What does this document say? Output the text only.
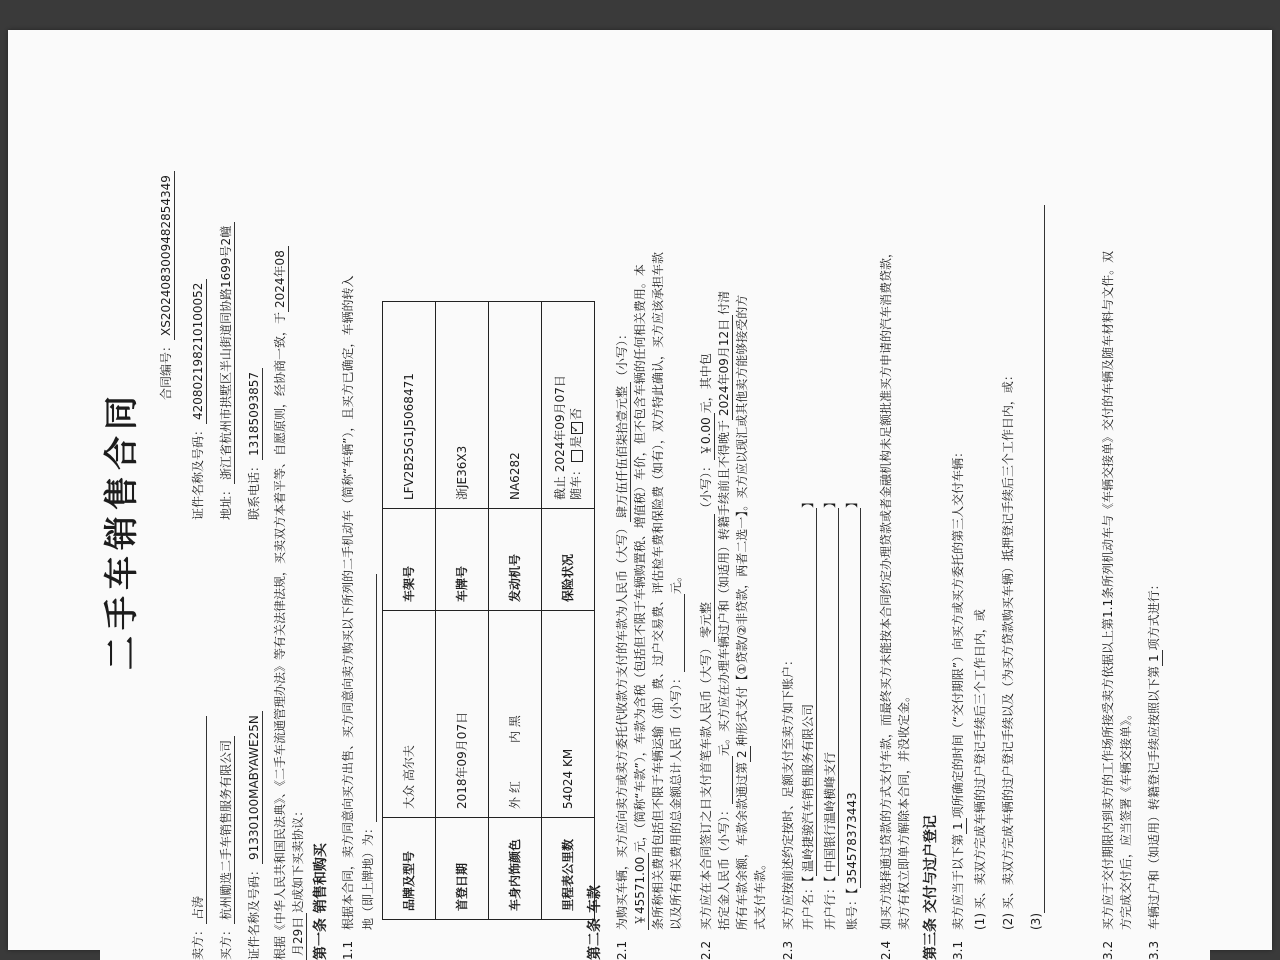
二手车销售合同
合同编号：XS202408300948285434​9
卖方：占涛
证件名称及号码：420802198210100052
买方：杭州勵选二手车销售服务有限公司
地址：浙江省杭州市拱墅区半山街道同协路1699号2幢
证件名称及号码：91330100MABYAWE25N
联系电话：13185093857 根据《中华人民共和国民法典》、《二手车流通管理办法》等有关法律法规，买卖双方本着平等、自愿原则，经协商一致，于2024年08
月29日达成如下买卖协议： 第一条 销售和购买 1.1
根据本合同，卖方同意向买方出售、买方同意向卖方购买以下所列的二手机动车（简称“车辆”），且买方已确定，车辆的转入 地（即上牌地）为： 品牌及型号	大众 高尔夫	车架号	LFV2B25G1J5068471
首登日期	2018年09月07日	车牌号	浙JE36X3
车身内饰颜色	外 红          内 黑	发动机号	NA6282
里程表公里数	54024 KM	保险状况	截止 2024年09月07日 随车：是✓否
第二条 车款 2.1
为购买车辆，买方应向卖方或卖方委托代收款方支付的车款为人民币（大写）肆万伍仟伍佰柒拾壹元整（小写）：
￥45571.00元，（简称“车款”），车款为含税（包括但不限于车辆购置税、增值税）车价，但不包含车辆的任何相关费用。本 条所称相关费用包括但不限于车辆运输（油）费、过户交易费、评估检车费和保险费（如有），双方特此确认，买方应该承担车款 以及所有相关费用的总金额总计人民币（小写）： 元。
2.2
买方应在本合同签订之日支付首笔车款人民币（大写）零元整（小写）：￥0.00元，其中包
括定金人民币（小写）： 元。买方应在办理车辆过户和（如适用）转籍手续前且不得晚于2024年09月12日付清
所有车款余额，车款余款通过第2种形式支付【①贷款/②非贷款，两者二选一】。买方应以现汇或其他卖方能够接受的方
式支付车款。
2.3
买方应按前述约定按时、足额支付至卖方如下账户： 开户名：【温岭捷骏汽车销售服务有限公司】
开户行：【中国银行温岭横峰支行】
账号：【354578373443】
2.4
如买方选择通过贷款的方式支付车款，而最终买方未能按本合同约定办理贷款或者金融机构未足额批准买方申请的汽车消费贷款， 卖方有权立即单方解除本合同，并没收定金。 第三条 交付与过户登记 3.1
卖方应当于以下第1项所确定的时间（“交付期限”）向买方或买方委托的第三人交付车辆： (1) 买、卖双方完成车辆的过户登记手续后三个工作日内，或 (2) 买、卖双方完成车辆的过户登记手续以及（为买方贷款购买车辆）抵押登记手续后三个工作日内，或： (3)
3.2
买方应于交付期限内到卖方的工作场所接受卖方依据以上第1.1条所列机动车与《车辆交接单》交付的车辆及随车材料与文件。双 方完成交付后，应当签署《车辆交接单》。
3.3
车辆过户和（如适用）转籍登记手续应按照以下第1项方式进行：
